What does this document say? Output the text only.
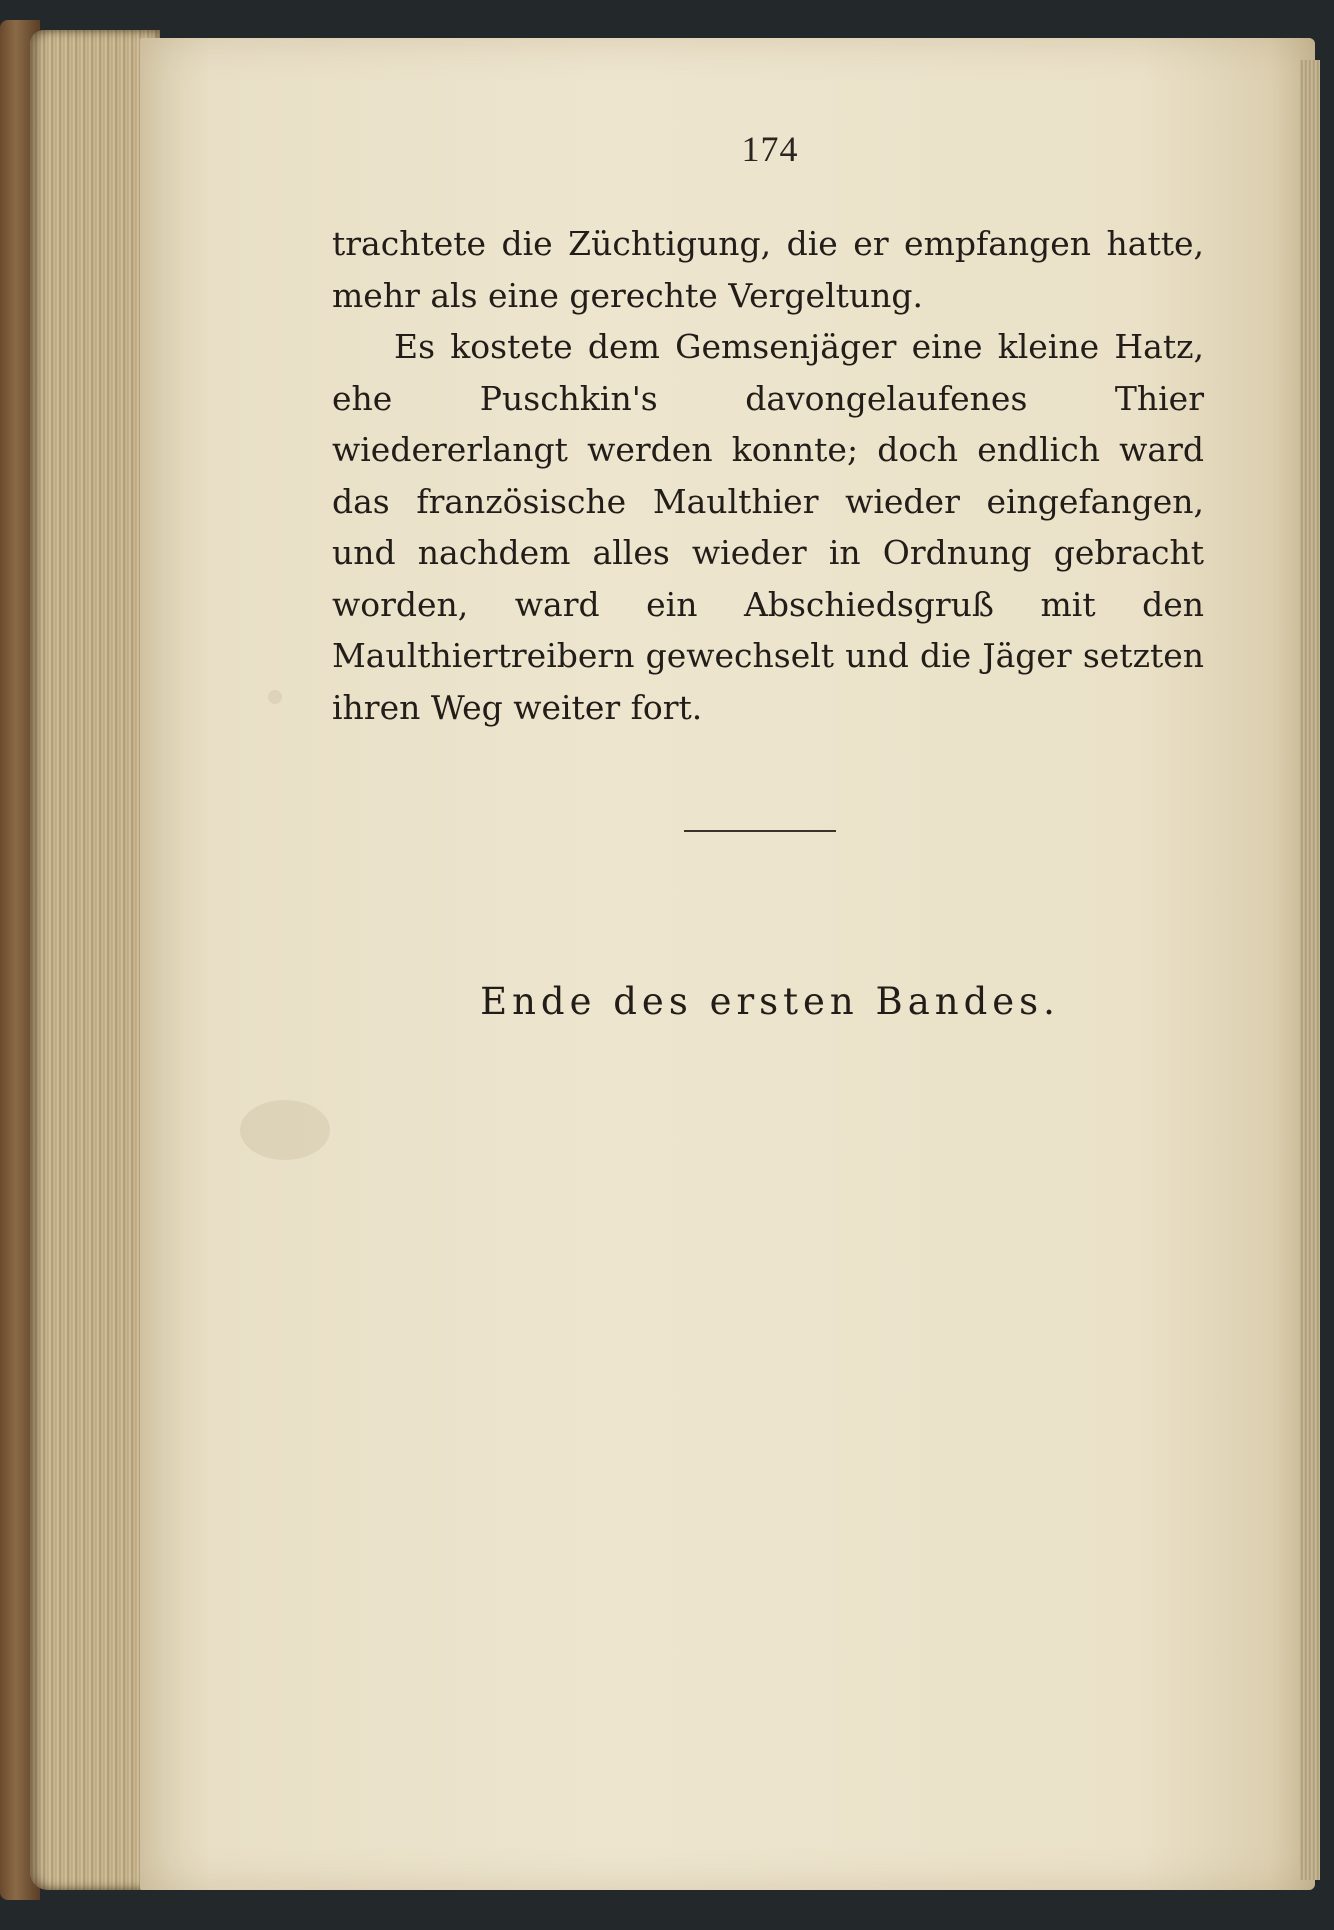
174

trachtete die Züchtigung, die er empfangen hatte, mehr als eine gerechte Vergeltung.

Es kostete dem Gemsenjäger eine kleine Hatz, ehe Puschkin's davongelaufenes Thier wiedererlangt werden konnte; doch endlich ward das französische Maulthier wieder eingefangen, und nachdem alles wieder in Ordnung gebracht worden, ward ein Abschiedsgruß mit den Maulthiertreibern gewechselt und die Jäger setzten ihren Weg weiter fort.

Ende des ersten Bandes.
